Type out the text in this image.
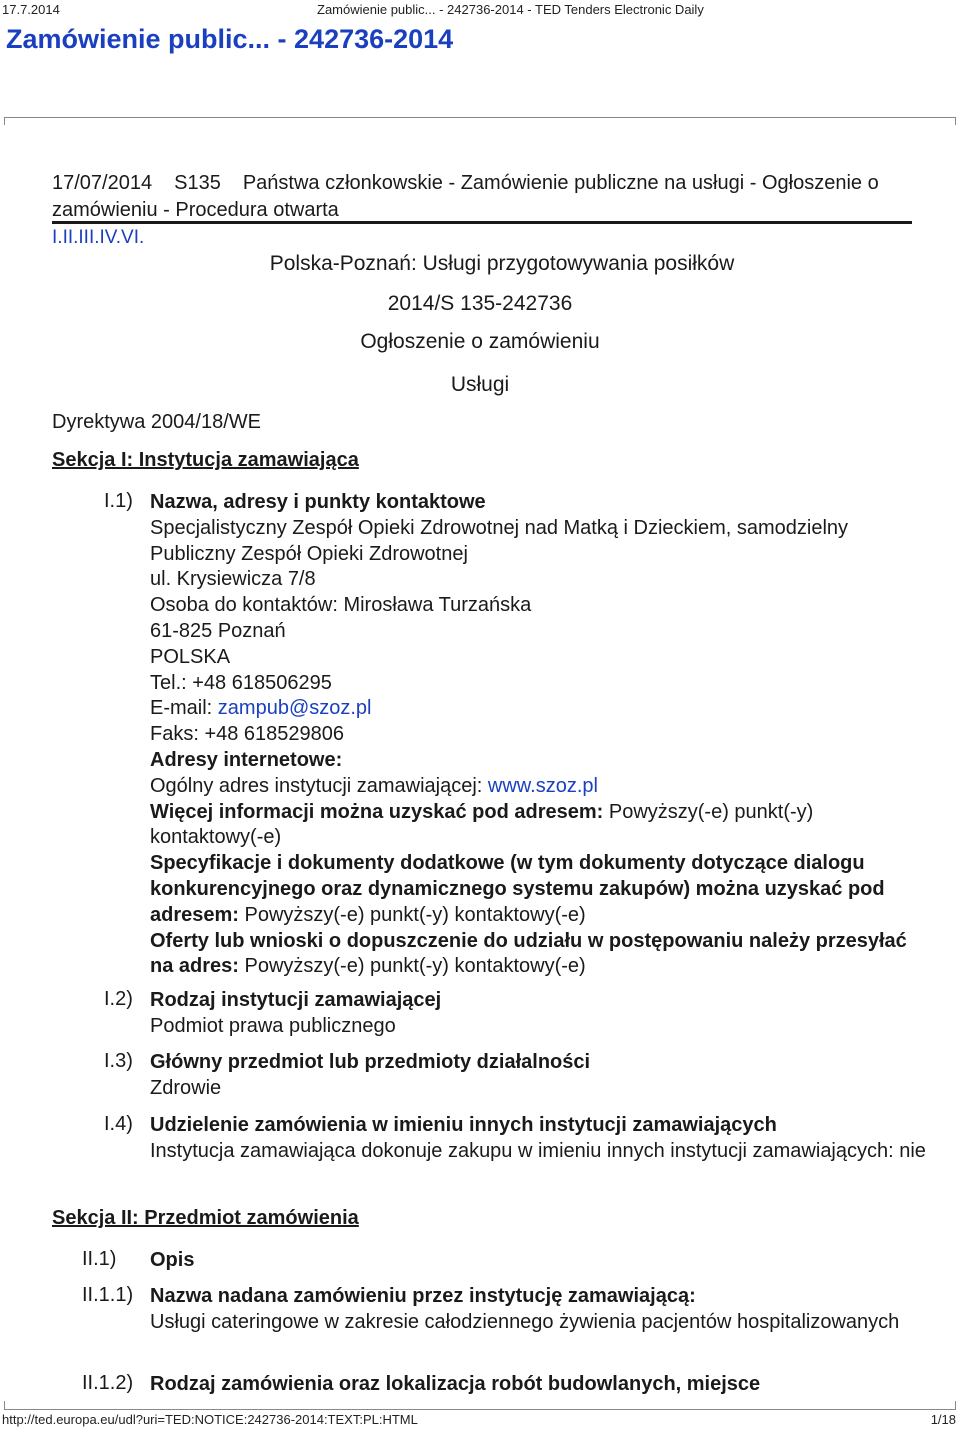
17.7.2014	Zamówienie public... - 242736-2014 - TED Tenders Electronic Daily
Zamówienie public... - 242736-2014
17/07/2014 S135 Państwa członkowskie - Zamówienie publiczne na usługi - Ogłoszenie o zamówieniu - Procedura otwarta
I.II.III.IV.VI.
Polska-Poznań: Usługi przygotowywania posiłków
2014/S 135-242736
Ogłoszenie o zamówieniu
Usługi
Dyrektywa 2004/18/WE
Sekcja I: Instytucja zamawiająca
I.1) Nazwa, adresy i punkty kontaktowe
Specjalistyczny Zespół Opieki Zdrowotnej nad Matką i Dzieckiem, samodzielny Publiczny Zespół Opieki Zdrowotnej
ul. Krysiewicza 7/8
Osoba do kontaktów: Mirosława Turzańska
61-825 Poznań
POLSKA
Tel.: +48 618506295
E-mail: zampub@szoz.pl
Faks: +48 618529806
Adresy internetowe:
Ogólny adres instytucji zamawiającej: www.szoz.pl
Więcej informacji można uzyskać pod adresem: Powyższy(-e) punkt(-y) kontaktowy(-e)
Specyfikacje i dokumenty dodatkowe (w tym dokumenty dotyczące dialogu konkurencyjnego oraz dynamicznego systemu zakupów) można uzyskać pod adresem: Powyższy(-e) punkt(-y) kontaktowy(-e)
Oferty lub wnioski o dopuszczenie do udziału w postępowaniu należy przesyłać na adres: Powyższy(-e) punkt(-y) kontaktowy(-e)
I.2) Rodzaj instytucji zamawiającej
Podmiot prawa publicznego
I.3) Główny przedmiot lub przedmioty działalności
Zdrowie
I.4) Udzielenie zamówienia w imieniu innych instytucji zamawiających
Instytucja zamawiająca dokonuje zakupu w imieniu innych instytucji zamawiających: nie
Sekcja II: Przedmiot zamówienia
II.1) Opis
II.1.1) Nazwa nadana zamówieniu przez instytucję zamawiającą:
Usługi cateringowe w zakresie całodziennego żywienia pacjentów hospitalizowanych
II.1.2) Rodzaj zamówienia oraz lokalizacja robót budowlanych, miejsce
http://ted.europa.eu/udl?uri=TED:NOTICE:242736-2014:TEXT:PL:HTML	1/18
